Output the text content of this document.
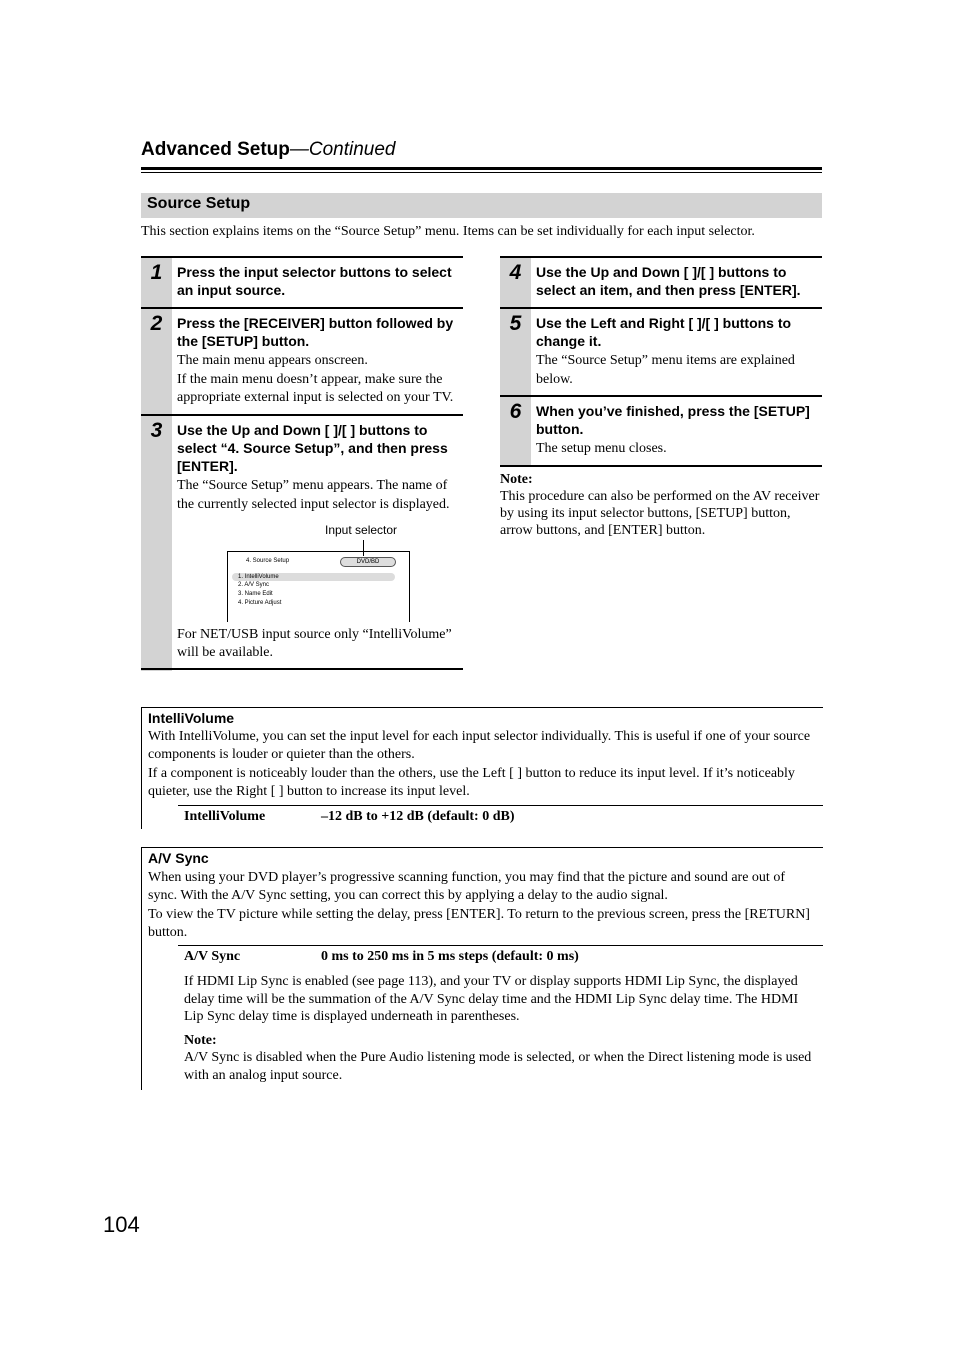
Advanced Setup—Continued
Source Setup
This section explains items on the “Source Setup” menu. Items can be set individually for each input selector.
1	Press the input selector buttons to select an input source.
2	Press the [RECEIVER] button followed by the [SETUP] button.
The main menu appears onscreen.
If the main menu doesn’t appear, make sure the appropriate external input is selected on your TV.
3	Use the Up and Down [ ]/[ ] buttons to select “4. Source Setup”, and then press [ENTER].
The “Source Setup” menu appears. The name of the currently selected input selector is displayed.
For NET/USB input source only “IntelliVolume” will be available.
Input selector
4. Source Setup	DVD/BD
1. IntelliVolume
2. A/V Sync
3. Name Edit
4. Picture Adjust
4	Use the Up and Down [ ]/[ ] buttons to select an item, and then press [ENTER].
5	Use the Left and Right [ ]/[ ] buttons to change it.
The “Source Setup” menu items are explained below.
6	When you’ve finished, press the [SETUP] button.
The setup menu closes.
Note:
This procedure can also be performed on the AV receiver by using its input selector buttons, [SETUP] button, arrow buttons, and [ENTER] button.
IntelliVolume

With IntelliVolume, you can set the input level for each input selector individually. This is useful if one of your source components is louder or quieter than the others.

If a component is noticeably louder than the others, use the Left [ ] button to reduce its input level. If it’s noticeably quieter, use the Right [ ] button to increase its input level.

IntelliVolume	–12 dB to +12 dB (default: 0 dB)
A/V Sync

When using your DVD player’s progressive scanning function, you may find that the picture and sound are out of sync. With the A/V Sync setting, you can correct this by applying a delay to the audio signal.

To view the TV picture while setting the delay, press [ENTER]. To return to the previous screen, press the [RETURN] button.

A/V Sync	0 ms to 250 ms in 5 ms steps (default: 0 ms)

If HDMI Lip Sync is enabled (see page 113), and your TV or display supports HDMI Lip Sync, the displayed delay time will be the summation of the A/V Sync delay time and the HDMI Lip Sync delay time. The HDMI Lip Sync delay time is displayed underneath in parentheses.

Note:

A/V Sync is disabled when the Pure Audio listening mode is selected, or when the Direct listening mode is used with an analog input source.

104
